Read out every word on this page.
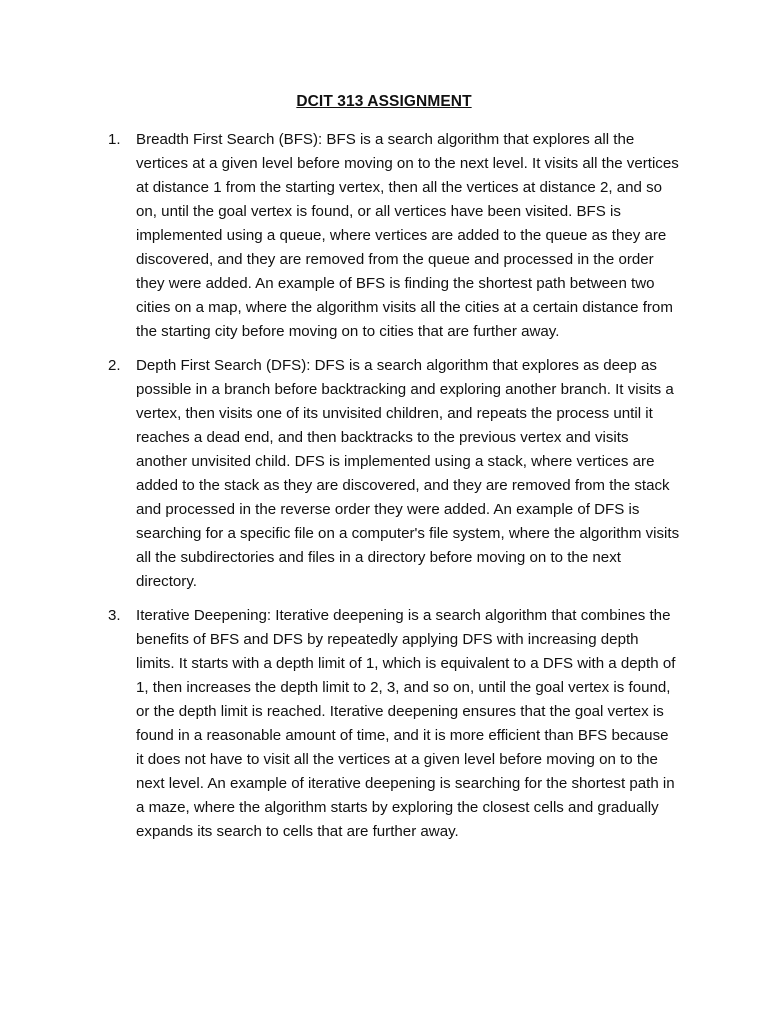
DCIT 313 ASSIGNMENT
1.	Breadth First Search (BFS): BFS is a search algorithm that explores all the vertices at a given level before moving on to the next level. It visits all the vertices at distance 1 from the starting vertex, then all the vertices at distance 2, and so on, until the goal vertex is found, or all vertices have been visited. BFS is implemented using a queue, where vertices are added to the queue as they are discovered, and they are removed from the queue and processed in the order they were added. An example of BFS is finding the shortest path between two cities on a map, where the algorithm visits all the cities at a certain distance from the starting city before moving on to cities that are further away.
2.	Depth First Search (DFS): DFS is a search algorithm that explores as deep as possible in a branch before backtracking and exploring another branch. It visits a vertex, then visits one of its unvisited children, and repeats the process until it reaches a dead end, and then backtracks to the previous vertex and visits another unvisited child. DFS is implemented using a stack, where vertices are added to the stack as they are discovered, and they are removed from the stack and processed in the reverse order they were added. An example of DFS is searching for a specific file on a computer's file system, where the algorithm visits all the subdirectories and files in a directory before moving on to the next directory.
3.	Iterative Deepening: Iterative deepening is a search algorithm that combines the benefits of BFS and DFS by repeatedly applying DFS with increasing depth limits. It starts with a depth limit of 1, which is equivalent to a DFS with a depth of 1, then increases the depth limit to 2, 3, and so on, until the goal vertex is found, or the depth limit is reached. Iterative deepening ensures that the goal vertex is found in a reasonable amount of time, and it is more efficient than BFS because it does not have to visit all the vertices at a given level before moving on to the next level. An example of iterative deepening is searching for the shortest path in a maze, where the algorithm starts by exploring the closest cells and gradually expands its search to cells that are further away.
